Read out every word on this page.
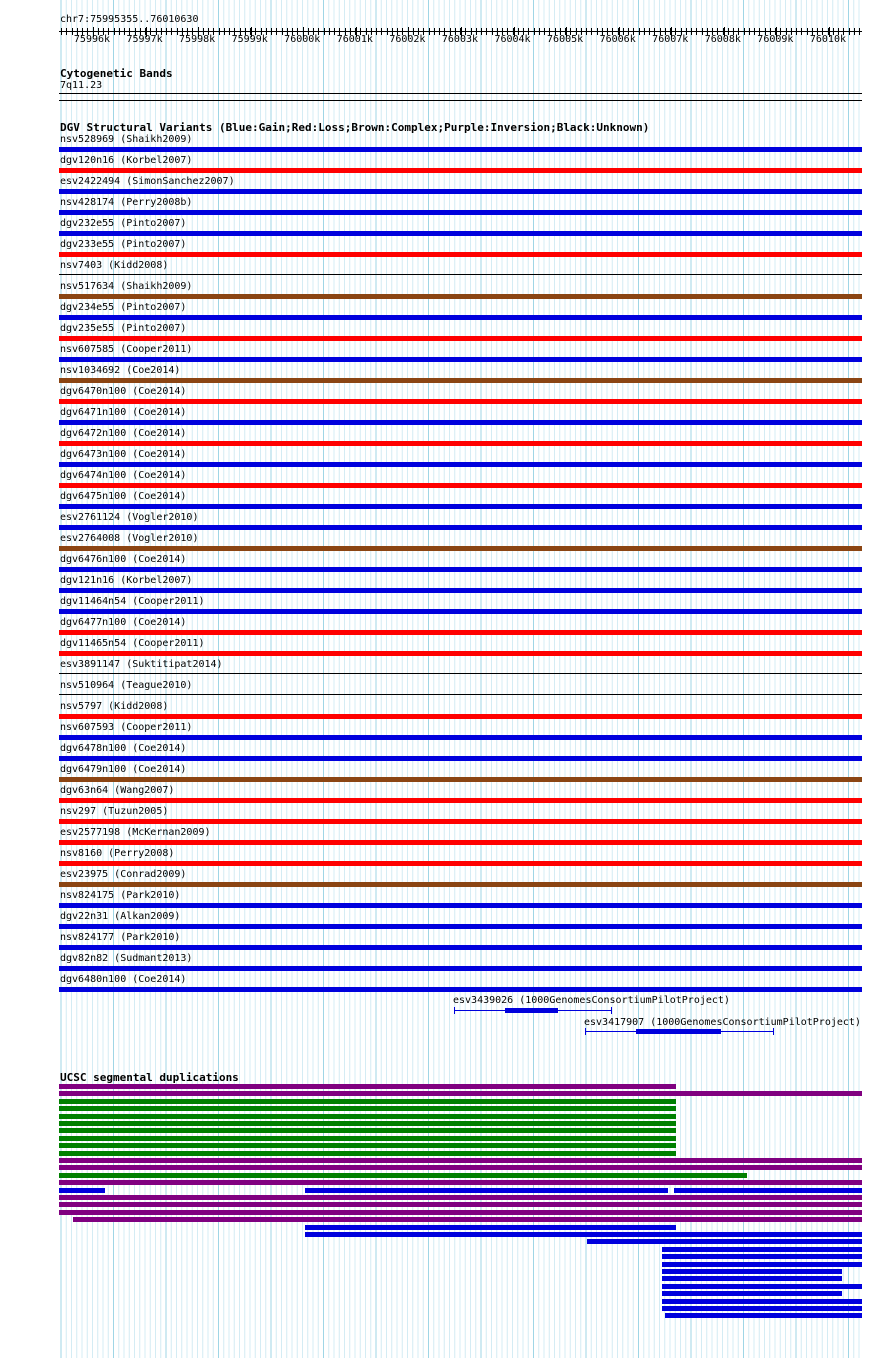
chr7:75995355..76010630
75996k 75997k 75998k 75999k 76000k 76001k 76002k 76003k 76004k 76005k 76006k 76007k 76008k 76009k 76010k
Cytogenetic Bands
7q11.23
DGV Structural Variants (Blue:Gain;Red:Loss;Brown:Complex;Purple:Inversion;Black:Unknown)
nsv528969 (Shaikh2009)
dgv120n16 (Korbel2007)
esv2422494 (SimonSanchez2007)
nsv428174 (Perry2008b)
dgv232e55 (Pinto2007)
dgv233e55 (Pinto2007)
nsv7403 (Kidd2008)
nsv517634 (Shaikh2009)
dgv234e55 (Pinto2007)
dgv235e55 (Pinto2007)
nsv607585 (Cooper2011)
nsv1034692 (Coe2014)
dgv6470n100 (Coe2014)
dgv6471n100 (Coe2014)
dgv6472n100 (Coe2014)
dgv6473n100 (Coe2014)
dgv6474n100 (Coe2014)
dgv6475n100 (Coe2014)
esv2761124 (Vogler2010)
esv2764008 (Vogler2010)
dgv6476n100 (Coe2014)
dgv121n16 (Korbel2007)
dgv11464n54 (Cooper2011)
dgv6477n100 (Coe2014)
dgv11465n54 (Cooper2011)
esv3891147 (Suktitipat2014)
nsv510964 (Teague2010)
nsv5797 (Kidd2008)
nsv607593 (Cooper2011)
dgv6478n100 (Coe2014)
dgv6479n100 (Coe2014)
dgv63n64 (Wang2007)
nsv297 (Tuzun2005)
esv2577198 (McKernan2009)
nsv8160 (Perry2008)
esv23975 (Conrad2009)
nsv824175 (Park2010)
dgv22n31 (Alkan2009)
nsv824177 (Park2010)
dgv82n82 (Sudmant2013)
dgv6480n100 (Coe2014)
esv3439026 (1000GenomesConsortiumPilotProject)
esv3417907 (1000GenomesConsortiumPilotProject)
UCSC segmental duplications
